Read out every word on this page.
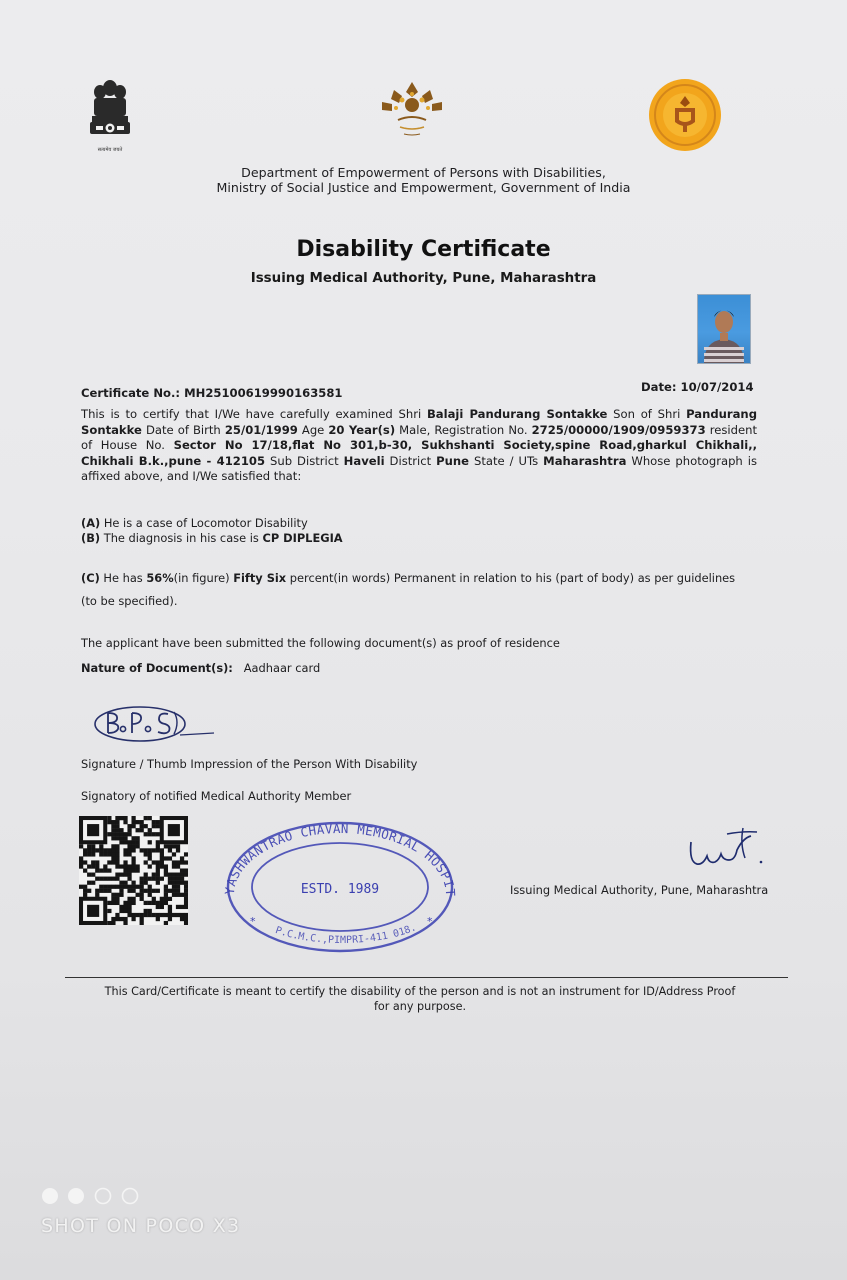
सत्यमेव जयते
Department of Empowerment of Persons with Disabilities,
Ministry of Social Justice and Empowerment, Government of India
Disability Certificate
Issuing Medical Authority, Pune, Maharashtra
Certificate No.: MH25100619990163581	Date: 10/07/2014
This is to certify that I/We have carefully examined Shri Balaji Pandurang Sontakke Son of Shri Pandurang Sontakke Date of Birth 25/01/1999 Age 20 Year(s) Male, Registration No. 2725/00000/1909/0959373 resident of House No. Sector No 17/18,flat No 301,b-30, Sukhshanti Society,spine Road,gharkul Chikhali,, Chikhali B.k.,pune - 412105 Sub District Haveli District Pune State / UTs Maharashtra Whose photograph is affixed above, and I/We satisfied that:
(A) He is a case of Locomotor Disability
(B) The diagnosis in his case is CP DIPLEGIA
(C) He has 56%(in figure) Fifty Six percent(in words) Permanent in relation to his (part of body) as per guidelines
(to be specified).
The applicant have been submitted the following document(s) as proof of residence
Nature of Document(s): Aadhaar card
Signature / Thumb Impression of the Person With Disability
Signatory of notified Medical Authority Member
YASHWANTRAO CHAVAN MEMORIAL HOSPIT
ESTD. 1989
P.C.M.C.,PIMPRI-411 018.
*	*
Issuing Medical Authority, Pune, Maharashtra
This Card/Certificate is meant to certify the disability of the person and is not an instrument for ID/Address Proof for any purpose.
SHOT ON POCO X3
